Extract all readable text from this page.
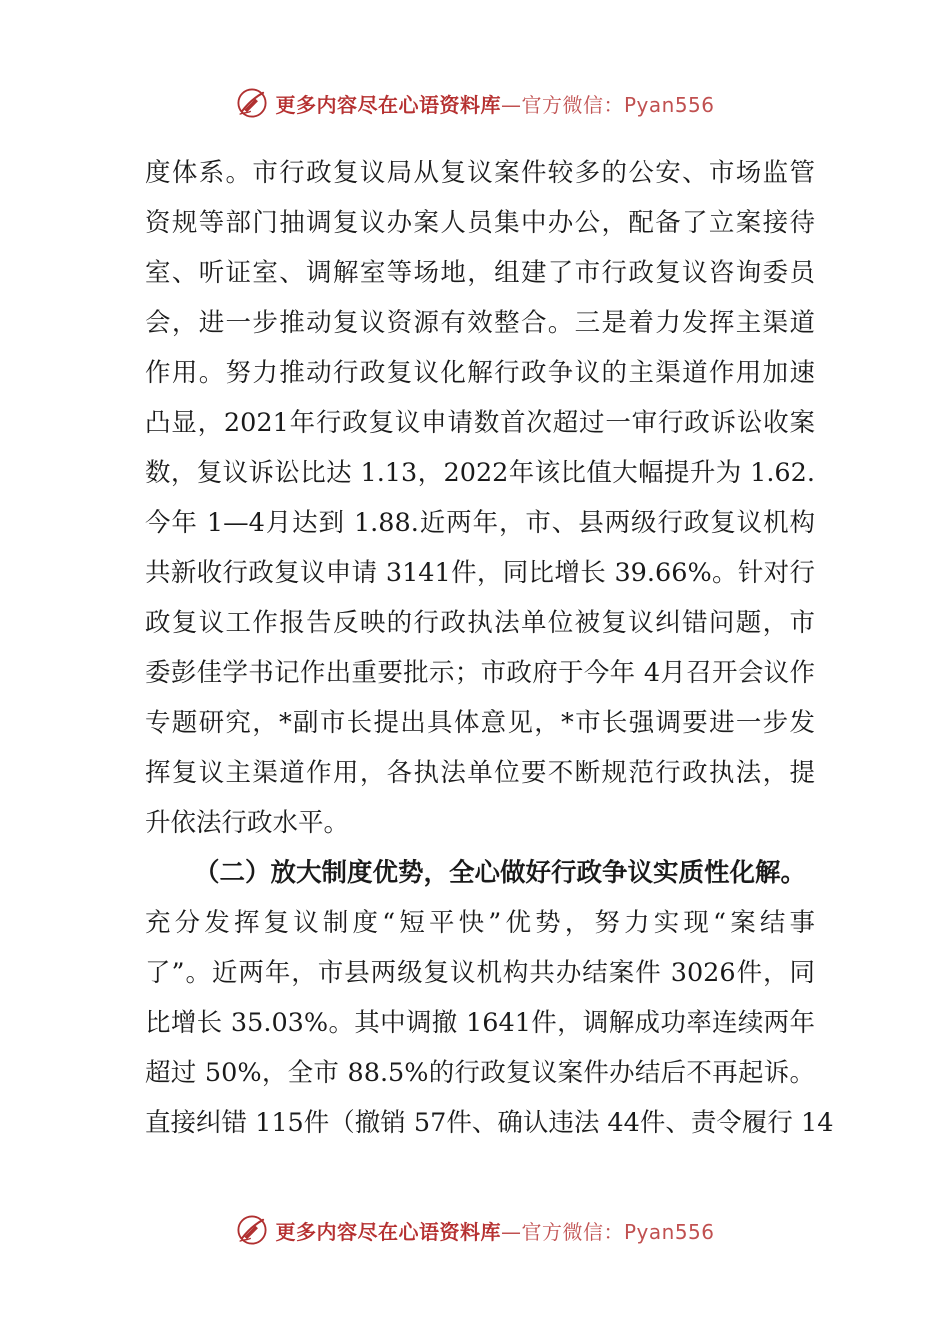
更多内容尽在心语资料库—官方微信：Pyan556
度体系。市行政复议局从复议案件较多的公安、市场监管
资规等部门抽调复议办案人员集中办公，配备了立案接待
室、听证室、调解室等场地，组建了市行政复议咨询委员
会，进一步推动复议资源有效整合。三是着力发挥主渠道
作用。努力推动行政复议化解行政争议的主渠道作用加速
凸显，2021年行政复议申请数首次超过一审行政诉讼收案
数，复议诉讼比达 1.13，2022年该比值大幅提升为 1.62.
今年 1—4月达到 1.88.近两年，市、县两级行政复议机构
共新收行政复议申请 3141件，同比增长 39.66%。针对行
政复议工作报告反映的行政执法单位被复议纠错问题，市
委彭佳学书记作出重要批示；市政府于今年 4月召开会议作
专题研究，*副市长提出具体意见，*市长强调要进一步发
挥复议主渠道作用，各执法单位要不断规范行政执法，提
升依法行政水平。
（二）放大制度优势，全心做好行政争议实质性化解。
充分发挥复议制度“短平快”优势，努力实现“案结事
了”。近两年，市县两级复议机构共办结案件 3026件，同
比增长 35.03%。其中调撤 1641件，调解成功率连续两年
超过 50%，全市 88.5%的行政复议案件办结后不再起诉。
直接纠错 115件（撤销 57件、确认违法 44件、责令履行 14
更多内容尽在心语资料库—官方微信：Pyan556
